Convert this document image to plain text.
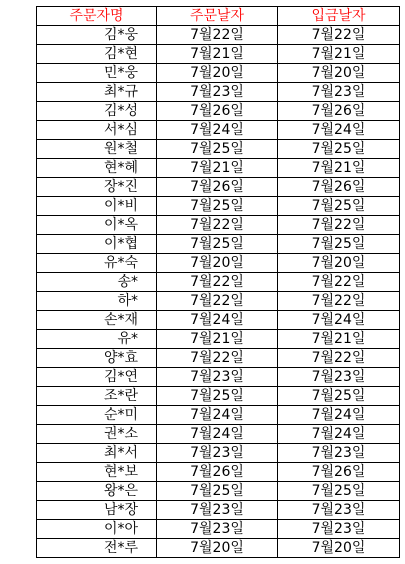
주문자명	주문날자	입금날자
김*웅	7월22일	7월22일
김*현	7월21일	7월21일
민*웅	7월20일	7월20일
최*규	7월23일	7월23일
김*성	7월26일	7월26일
서*심	7월24일	7월24일
원*철	7월25일	7월25일
현*혜	7월21일	7월21일
장*진	7월26일	7월26일
이*비	7월25일	7월25일
이*옥	7월22일	7월22일
이*협	7월25일	7월25일
유*숙	7월20일	7월20일
송*	7월22일	7월22일
하*	7월22일	7월22일
손*재	7월24일	7월24일
유*	7월21일	7월21일
양*효	7월22일	7월22일
김*연	7월23일	7월23일
조*란	7월25일	7월25일
순*미	7월24일	7월24일
권*소	7월24일	7월24일
최*서	7월23일	7월23일
현*보	7월26일	7월26일
왕*은	7월25일	7월25일
남*장	7월23일	7월23일
이*아	7월23일	7월23일
전*루	7월20일	7월20일
